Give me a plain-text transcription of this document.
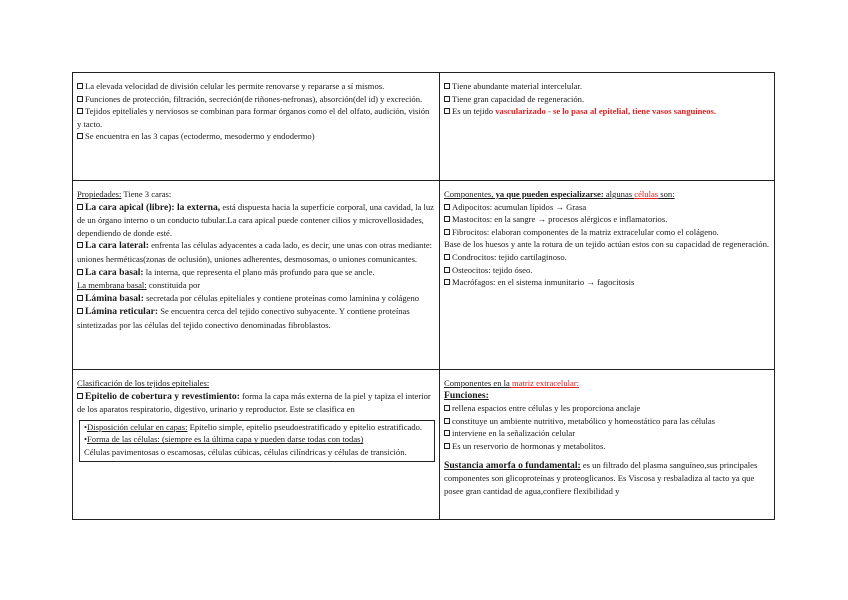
La elevada velocidad de división celular les permite renovarse y repararse a sí mismos.

Funciones de protección, filtración, secreción(de riñones-nefronas), absorción(del id) y excreción.

Tejidos epiteliales y nerviosos se combinan para formar órganos como el del olfato, audición, visión y tacto.

Se encuentra en las 3 capas (ectodermo, mesodermo y endodermo)

Tiene abundante material intercelular.

Tiene gran capacidad de regeneración.

Es un tejido vascularizado - se lo pasa al epitelial, tiene vasos sanguíneos.

Propiedades: Tiene 3 caras:

La cara apical (libre): la externa, está dispuesta hacia la superficie corporal, una cavidad, la luz de un órgano interno o un conducto tubular.La cara apical puede contener cilios y microvellosidades, dependiendo de donde esté.

La cara lateral: enfrenta las células adyacentes a cada lado, es decir, une unas con otras mediante: uniones herméticas(zonas de oclusión), uniones adherentes, desmosomas, o uniones comunicantes.

La cara basal: la interna, que representa el plano más profundo para que se ancle.

La membrana basal: constituida por

Lámina basal: secretada por células epiteliales y contiene proteínas como laminina y colágeno

Lámina reticular: Se encuentra cerca del tejido conectivo subyacente. Y contiene proteínas sintetizadas por las células del tejido conectivo denominadas fibroblastos.

Componentes, ya que pueden especializarse: algunas células son:

Adipocitos: acumulan lípidos → Grasa

Mastocitos: en la sangre → procesos alérgicos e inflamatorios.

Fibrocitos: elaboran componentes de la matriz extracelular como el colágeno.

Base de los huesos y ante la rotura de un tejido actúan estos con su capacidad de regeneración.

Condrocitos: tejido cartilaginoso.

Osteocitos: tejido óseo.

Macrófagos: en el sistema inmunitario → fagocitosis

Clasificación de los tejidos epiteliales:

Epitelio de cobertura y revestimiento: forma la capa más externa de la piel y tapiza el interior de los aparatos respiratorio, digestivo, urinario y reproductor. Este se clasifica en

•Disposición celular en capas: Epitelio simple, epitelio pseudoestratificado y epitelio estratificado.

•Forma de las células: (siempre es la última capa y pueden darse todas con todas)

Células pavimentosas o escamosas, células cúbicas, células cilíndricas y células de transición.

Componentes en la matriz extracelular:

Funciones:

rellena espacios entre células y les proporciona anclaje

constituye un ambiente nutritivo, metabólico y homeostático para las células

interviene en la señalización celular

Es un reservorio de hormonas y metabolitos.

Sustancia amorfa o fundamental: es un filtrado del plasma sanguíneo,sus principales componentes son glicoproteínas y proteoglicanos. Es Viscosa y resbaladiza al tacto ya que posee gran cantidad de agua,confiere flexibilidad y
